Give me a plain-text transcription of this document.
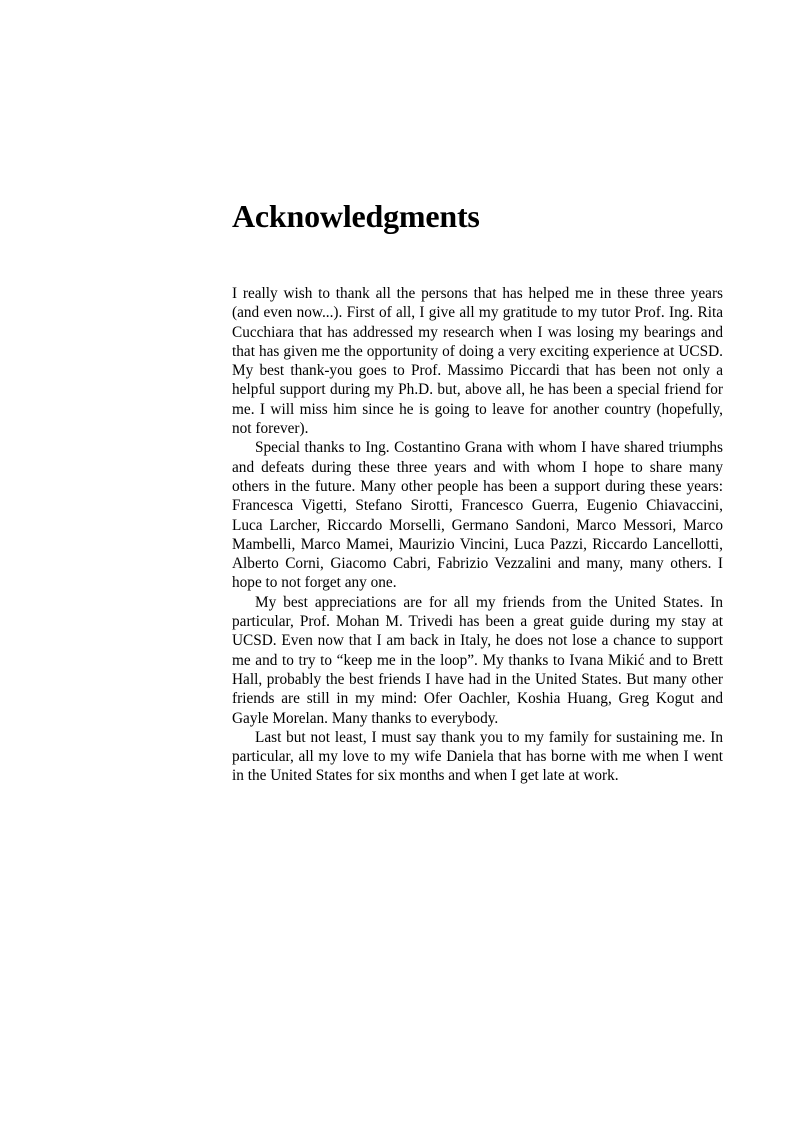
Acknowledgments

I really wish to thank all the persons that has helped me in these three years (and even now...). First of all, I give all my gratitude to my tutor Prof. Ing. Rita Cucchiara that has addressed my research when I was losing my bearings and that has given me the opportunity of doing a very exciting experience at UCSD. My best thank-you goes to Prof. Massimo Piccardi that has been not only a helpful support during my Ph.D. but, above all, he has been a special friend for me. I will miss him since he is going to leave for another country (hopefully, not forever).

Special thanks to Ing. Costantino Grana with whom I have shared triumphs and defeats during these three years and with whom I hope to share many others in the future. Many other people has been a support during these years: Francesca Vigetti, Stefano Sirotti, Francesco Guerra, Eugenio Chiavaccini, Luca Larcher, Riccardo Morselli, Germano Sandoni, Marco Messori, Marco Mambelli, Marco Mamei, Maurizio Vincini, Luca Pazzi, Riccardo Lancellotti, Alberto Corni, Giacomo Cabri, Fabrizio Vezzalini and many, many others. I hope to not forget any one.

My best appreciations are for all my friends from the United States. In particular, Prof. Mohan M. Trivedi has been a great guide during my stay at UCSD. Even now that I am back in Italy, he does not lose a chance to support me and to try to “keep me in the loop”. My thanks to Ivana Mikić and to Brett Hall, probably the best friends I have had in the United States. But many other friends are still in my mind: Ofer Oachler, Koshia Huang, Greg Kogut and Gayle Morelan. Many thanks to everybody.

Last but not least, I must say thank you to my family for sustaining me. In particular, all my love to my wife Daniela that has borne with me when I went in the United States for six months and when I get late at work.
